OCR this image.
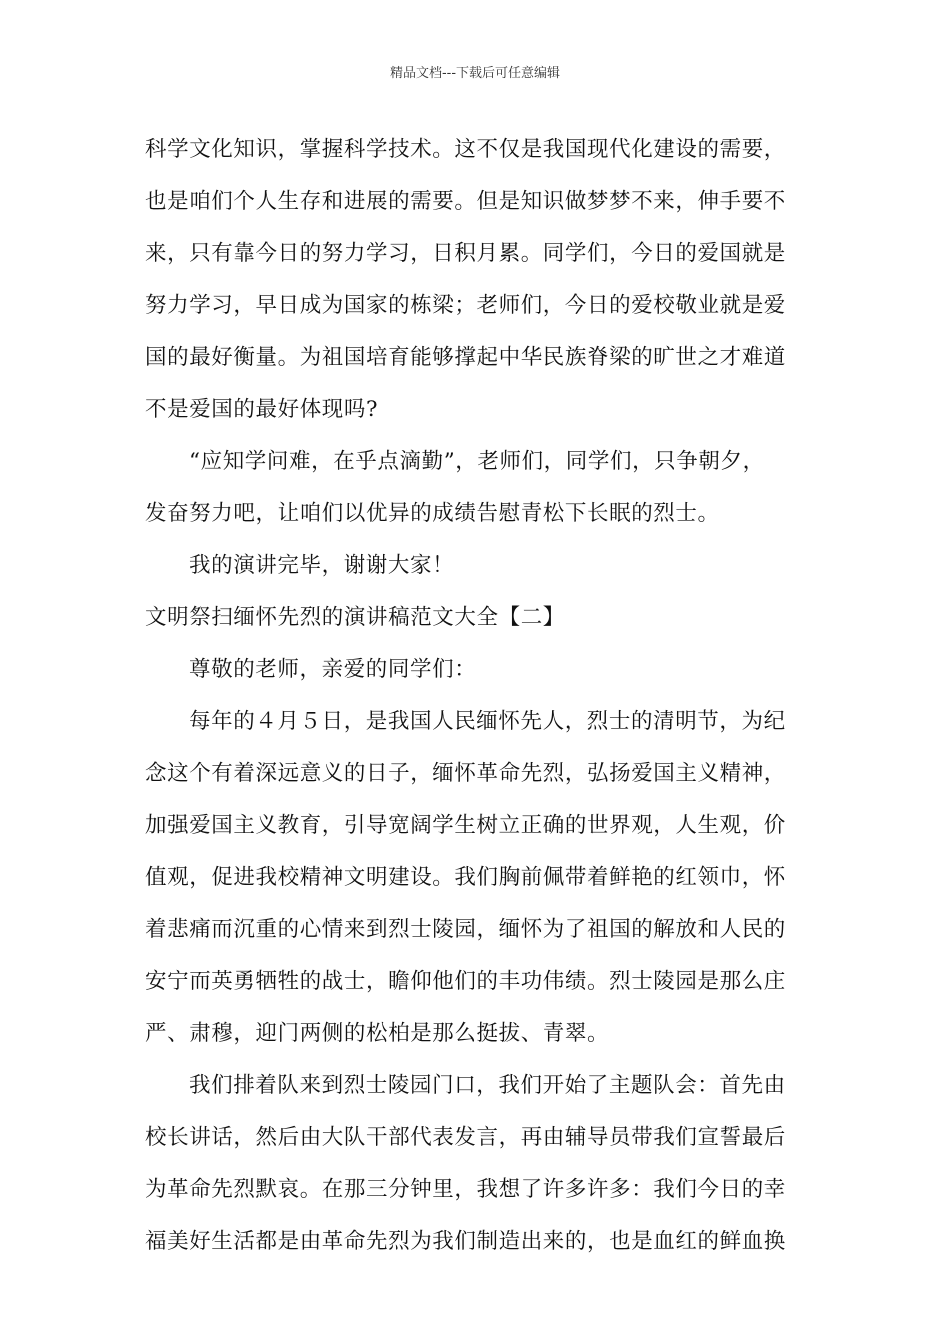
精品文档---下载后可任意编辑
科学文化知识，掌握科学技术。这不仅是我国现代化建设的需要，
也是咱们个人生存和进展的需要。但是知识做梦梦不来，伸手要不
来，只有靠今日的努力学习，日积月累。同学们，今日的爱国就是
努力学习，早日成为国家的栋梁；老师们，今日的爱校敬业就是爱
国的最好衡量。为祖国培育能够撑起中华民族脊梁的旷世之才难道
不是爱国的最好体现吗?
“应知学问难，在乎点滴勤”，老师们，同学们，只争朝夕，
发奋努力吧，让咱们以优异的成绩告慰青松下长眠的烈士。
我的演讲完毕，谢谢大家！
文明祭扫缅怀先烈的演讲稿范文大全【二】
尊敬的老师，亲爱的同学们：
每年的４月５日，是我国人民缅怀先人，烈士的清明节，为纪
念这个有着深远意义的日子，缅怀革命先烈，弘扬爱国主义精神，
加强爱国主义教育，引导宽阔学生树立正确的世界观，人生观，价
值观，促进我校精神文明建设。我们胸前佩带着鲜艳的红领巾，怀
着悲痛而沉重的心情来到烈士陵园，缅怀为了祖国的解放和人民的
安宁而英勇牺牲的战士，瞻仰他们的丰功伟绩。烈士陵园是那么庄
严、肃穆，迎门两侧的松柏是那么挺拔、青翠。
我们排着队来到烈士陵园门口，我们开始了主题队会：首先由
校长讲话，然后由大队干部代表发言，再由辅导员带我们宣誓最后
为革命先烈默哀。在那三分钟里，我想了许多许多：我们今日的幸
福美好生活都是由革命先烈为我们制造出来的，也是血红的鲜血换
